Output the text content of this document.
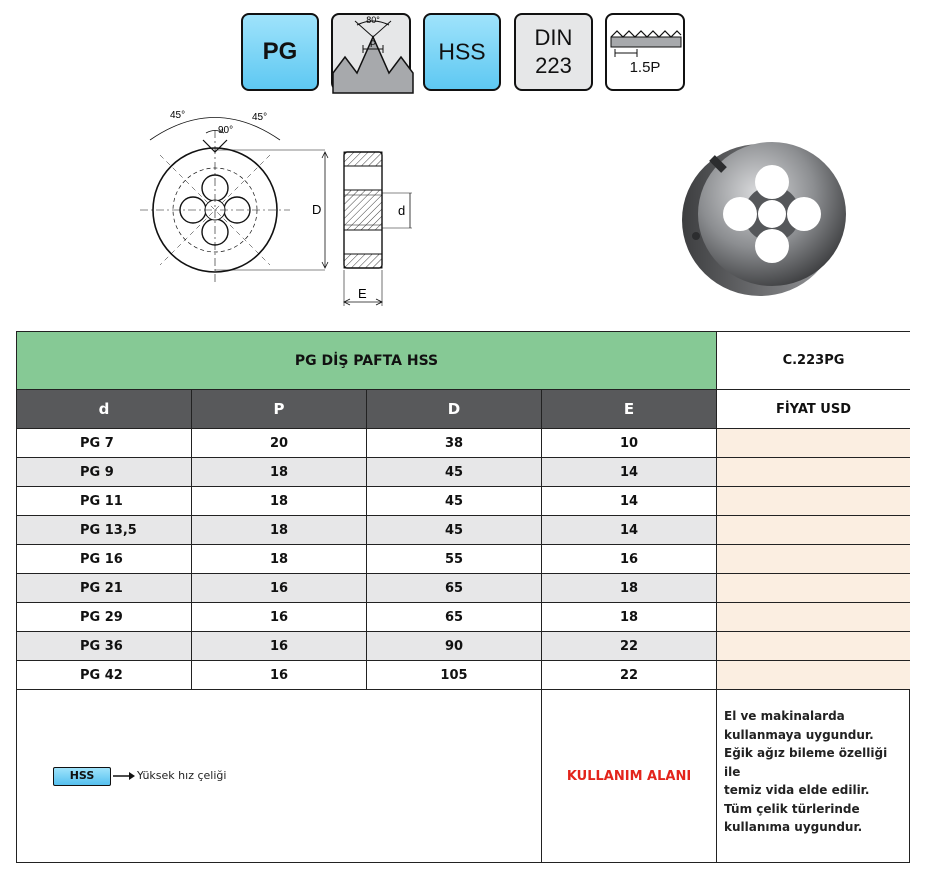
PG
80°
P	HSS
DIN
223	1.5P
45°	45°
90°
D	d
E
PG DİŞ PAFTA HSS	C.223PG
d	P	D	E	FİYAT USD
PG 7	20	38	10
PG 9	18	45	14
PG 11	18	45	14
PG 13,5	18	45	14
PG 16	18	55	16
PG 21	16	65	18
PG 29	16	65	18
PG 36	16	90	22
PG 42	16	105	22
HSS	Yüksek hız çeliği	KULLANIM ALANI
El ve makinalarda
kullanmaya uygundur.
Eğik ağız bileme özelliği ile
temiz vida elde edilir.
Tüm çelik türlerinde
kullanıma uygundur.
